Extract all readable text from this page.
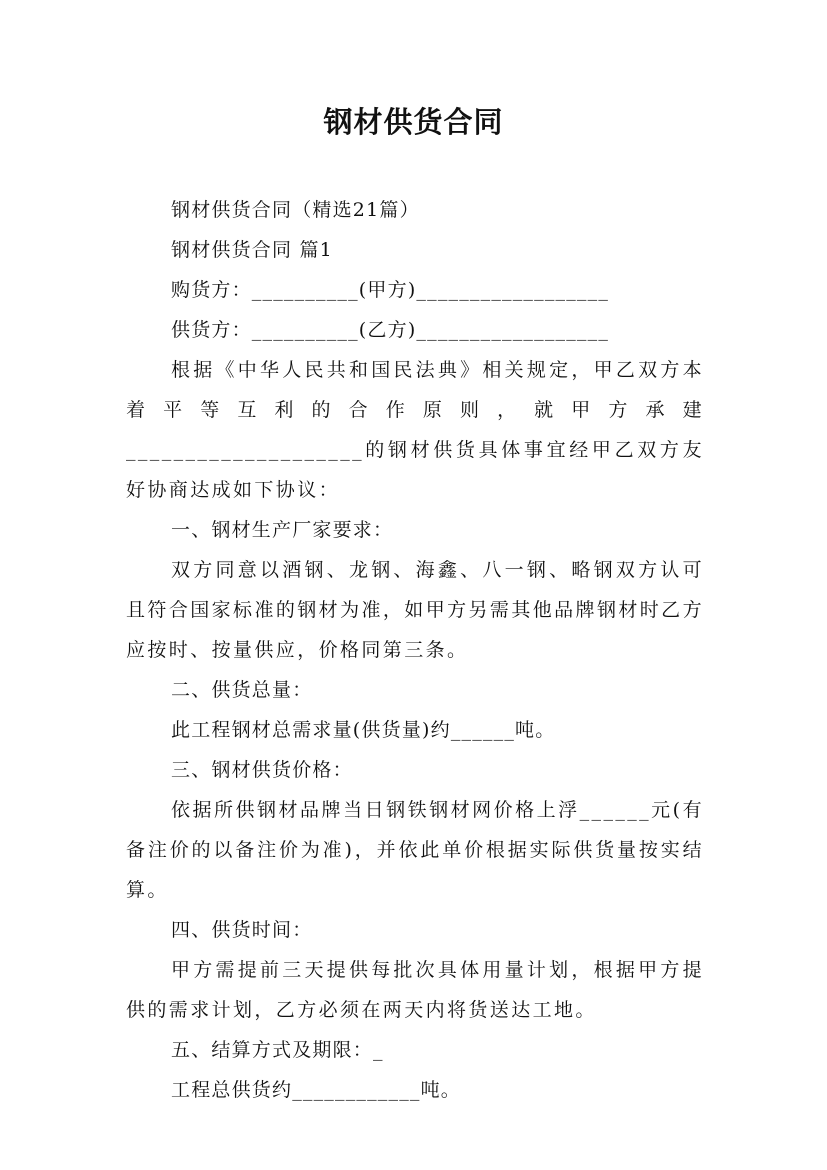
钢材供货合同

钢材供货合同（精选21篇）

钢材供货合同 篇1

购货方：__________(甲方)__________________

供货方：__________(乙方)__________________

根据《中华人民共和国民法典》相关规定，甲乙双方本着平等互利的合作原则，就甲方承建____________________的钢材供货具体事宜经甲乙双方友好协商达成如下协议：

一、钢材生产厂家要求：

双方同意以酒钢、龙钢、海鑫、八一钢、略钢双方认可且符合国家标准的钢材为准，如甲方另需其他品牌钢材时乙方应按时、按量供应，价格同第三条。

二、供货总量：

此工程钢材总需求量(供货量)约______吨。

三、钢材供货价格：

依据所供钢材品牌当日钢铁钢材网价格上浮______元(有备注价的以备注价为准)，并依此单价根据实际供货量按实结算。

四、供货时间：

甲方需提前三天提供每批次具体用量计划，根据甲方提供的需求计划，乙方必须在两天内将货送达工地。

五、结算方式及期限：_

工程总供货约____________吨。
